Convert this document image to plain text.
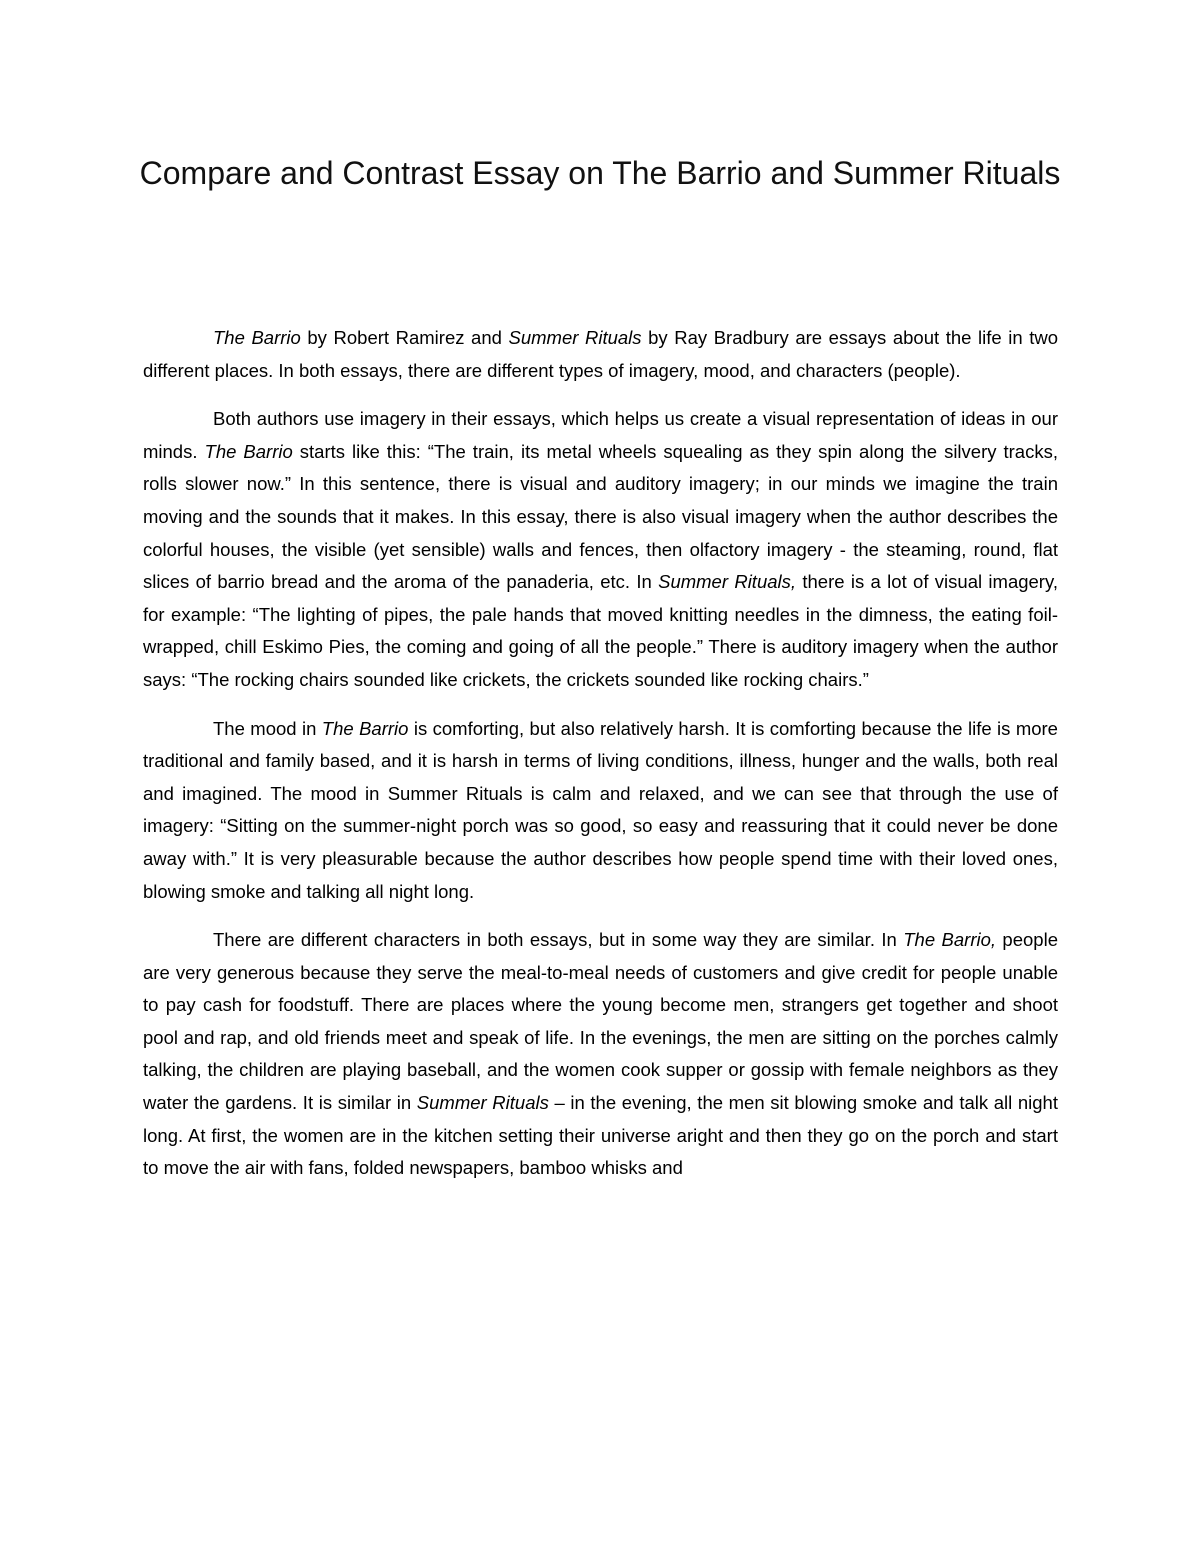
Compare and Contrast Essay on The Barrio and Summer Rituals

The Barrio by Robert Ramirez and Summer Rituals by Ray Bradbury are essays about the life in two different places. In both essays, there are different types of imagery, mood, and characters (people).

Both authors use imagery in their essays, which helps us create a visual representation of ideas in our minds. The Barrio starts like this: “The train, its metal wheels squealing as they spin along the silvery tracks, rolls slower now.” In this sentence, there is visual and auditory imagery; in our minds we imagine the train moving and the sounds that it makes. In this essay, there is also visual imagery when the author describes the colorful houses, the visible (yet sensible) walls and fences, then olfactory imagery - the steaming, round, flat slices of barrio bread and the aroma of the panaderia, etc. In Summer Rituals, there is a lot of visual imagery, for example: “The lighting of pipes, the pale hands that moved knitting needles in the dimness, the eating foil-wrapped, chill Eskimo Pies, the coming and going of all the people.” There is auditory imagery when the author says: “The rocking chairs sounded like crickets, the crickets sounded like rocking chairs.”

The mood in The Barrio is comforting, but also relatively harsh. It is comforting because the life is more traditional and family based, and it is harsh in terms of living conditions, illness, hunger and the walls, both real and imagined. The mood in Summer Rituals is calm and relaxed, and we can see that through the use of imagery: “Sitting on the summer-night porch was so good, so easy and reassuring that it could never be done away with.” It is very pleasurable because the author describes how people spend time with their loved ones, blowing smoke and talking all night long.

There are different characters in both essays, but in some way they are similar. In The Barrio, people are very generous because they serve the meal-to-meal needs of customers and give credit for people unable to pay cash for foodstuff. There are places where the young become men, strangers get together and shoot pool and rap, and old friends meet and speak of life. In the evenings, the men are sitting on the porches calmly talking, the children are playing baseball, and the women cook supper or gossip with female neighbors as they water the gardens. It is similar in Summer Rituals – in the evening, the men sit blowing smoke and talk all night long. At first, the women are in the kitchen setting their universe aright and then they go on the porch and start to move the air with fans, folded newspapers, bamboo whisks and
